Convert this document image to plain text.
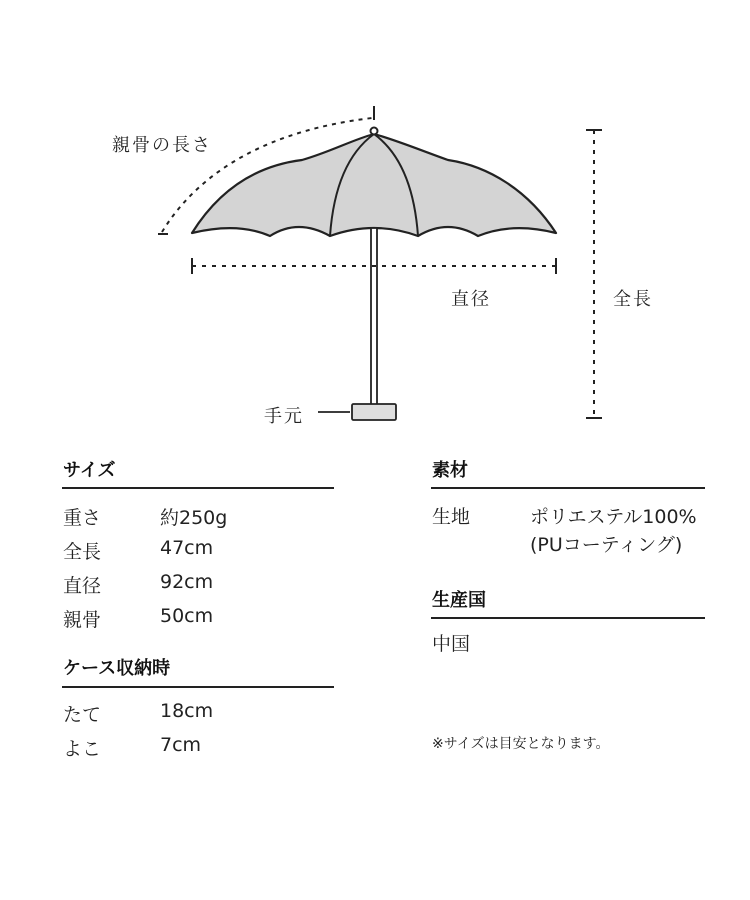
親骨の長さ
直径	全長
手元
サイズ
重さ	約250g
全長	47cm
直径	92cm
親骨	50cm
ケース収納時
たて	18cm
よこ	7cm
素材
生地	ポリエステル100%
(PUコーティング)
生産国
中国
※サイズは目安となります。
